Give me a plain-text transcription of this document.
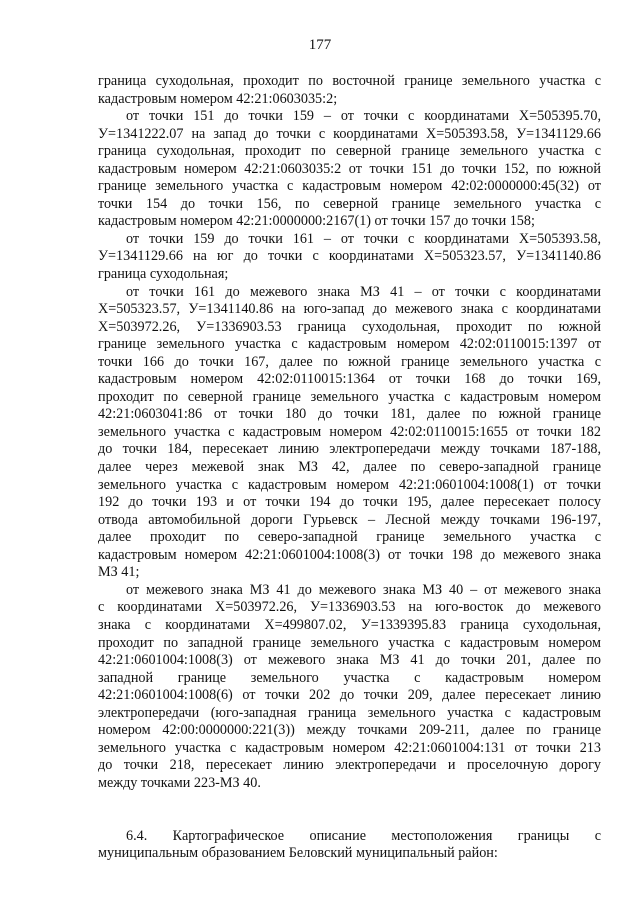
177
граница суходольная, проходит по восточной границе земельного участка с
кадастровым номером 42:21:0603035:2;
от точки 151 до точки 159 – от точки с координатами X=505395.70,
У=1341222.07 на запад до точки с координатами X=505393.58, У=1341129.66
граница суходольная, проходит по северной границе земельного участка с
кадастровым номером 42:21:0603035:2 от точки 151 до точки 152, по южной
границе земельного участка с кадастровым номером 42:02:0000000:45(32) от
точки 154 до точки 156, по северной границе земельного участка с
кадастровым номером 42:21:0000000:2167(1) от точки 157 до точки 158;
от точки 159 до точки 161 – от точки с координатами X=505393.58,
У=1341129.66 на юг до точки с координатами X=505323.57, У=1341140.86
граница суходольная;
от точки 161 до межевого знака МЗ 41 – от точки с координатами
X=505323.57, У=1341140.86 на юго-запад до межевого знака с координатами
X=503972.26, У=1336903.53 граница суходольная, проходит по южной
границе земельного участка с кадастровым номером 42:02:0110015:1397 от
точки 166 до точки 167, далее по южной границе земельного участка с
кадастровым номером 42:02:0110015:1364 от точки 168 до точки 169,
проходит по северной границе земельного участка с кадастровым номером
42:21:0603041:86 от точки 180 до точки 181, далее по южной границе
земельного участка с кадастровым номером 42:02:0110015:1655 от точки 182
до точки 184, пересекает линию электропередачи между точками 187-188,
далее через межевой знак МЗ 42, далее по северо-западной границе
земельного участка с кадастровым номером 42:21:0601004:1008(1) от точки
192 до точки 193 и от точки 194 до точки 195, далее пересекает полосу
отвода автомобильной дороги Гурьевск – Лесной между точками 196-197,
далее проходит по северо-западной границе земельного участка с
кадастровым номером 42:21:0601004:1008(3) от точки 198 до межевого знака
МЗ 41;
от межевого знака МЗ 41 до межевого знака МЗ 40 – от межевого знака
с координатами X=503972.26, У=1336903.53 на юго-восток до межевого
знака с координатами X=499807.02, У=1339395.83 граница суходольная,
проходит по западной границе земельного участка с кадастровым номером
42:21:0601004:1008(3) от межевого знака МЗ 41 до точки 201, далее по
западной границе земельного участка с кадастровым номером
42:21:0601004:1008(6) от точки 202 до точки 209, далее пересекает линию
электропередачи (юго-западная граница земельного участка с кадастровым
номером 42:00:0000000:221(3)) между точками 209-211, далее по границе
земельного участка с кадастровым номером 42:21:0601004:131 от точки 213
до точки 218, пересекает линию электропередачи и проселочную дорогу
между точками 223-МЗ 40.
6.4. Картографическое описание местоположения границы с
муниципальным образованием Беловский муниципальный район:
